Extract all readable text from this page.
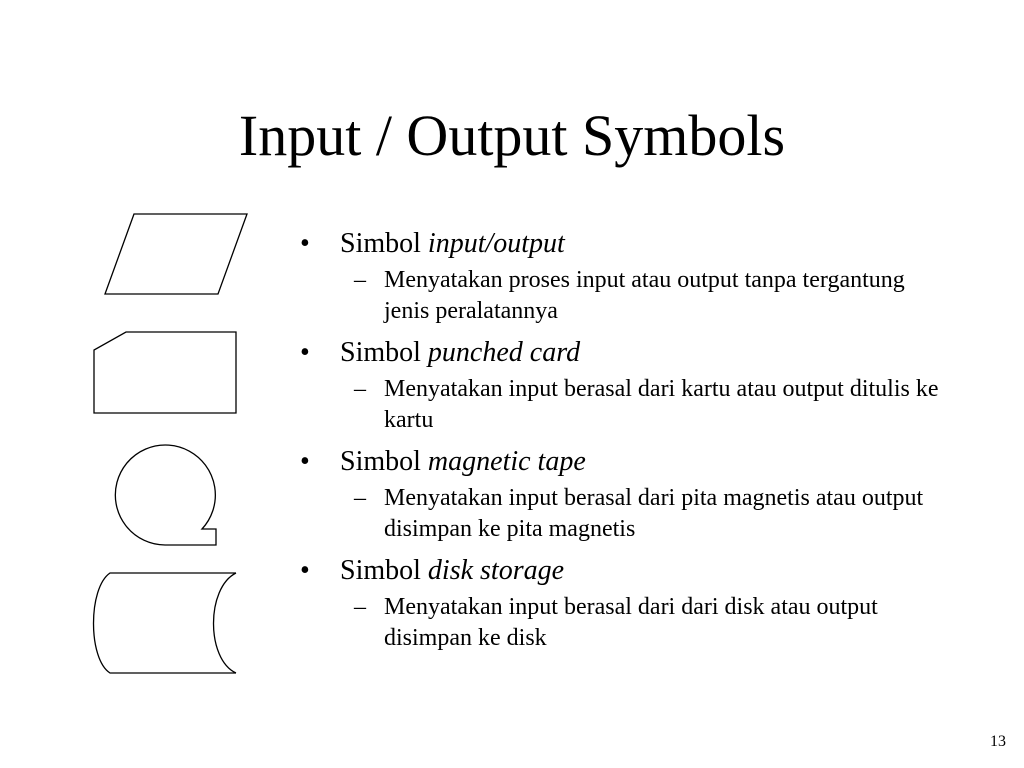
Input / Output Symbols
• Simbol input/output
– Menyatakan proses input atau output tanpa tergantung jenis peralatannya
• Simbol punched card
– Menyatakan input berasal dari kartu atau output ditulis ke kartu
• Simbol magnetic tape
– Menyatakan input berasal dari pita magnetis atau output disimpan ke pita magnetis
• Simbol disk storage
– Menyatakan input berasal dari dari disk atau output disimpan ke disk
13
